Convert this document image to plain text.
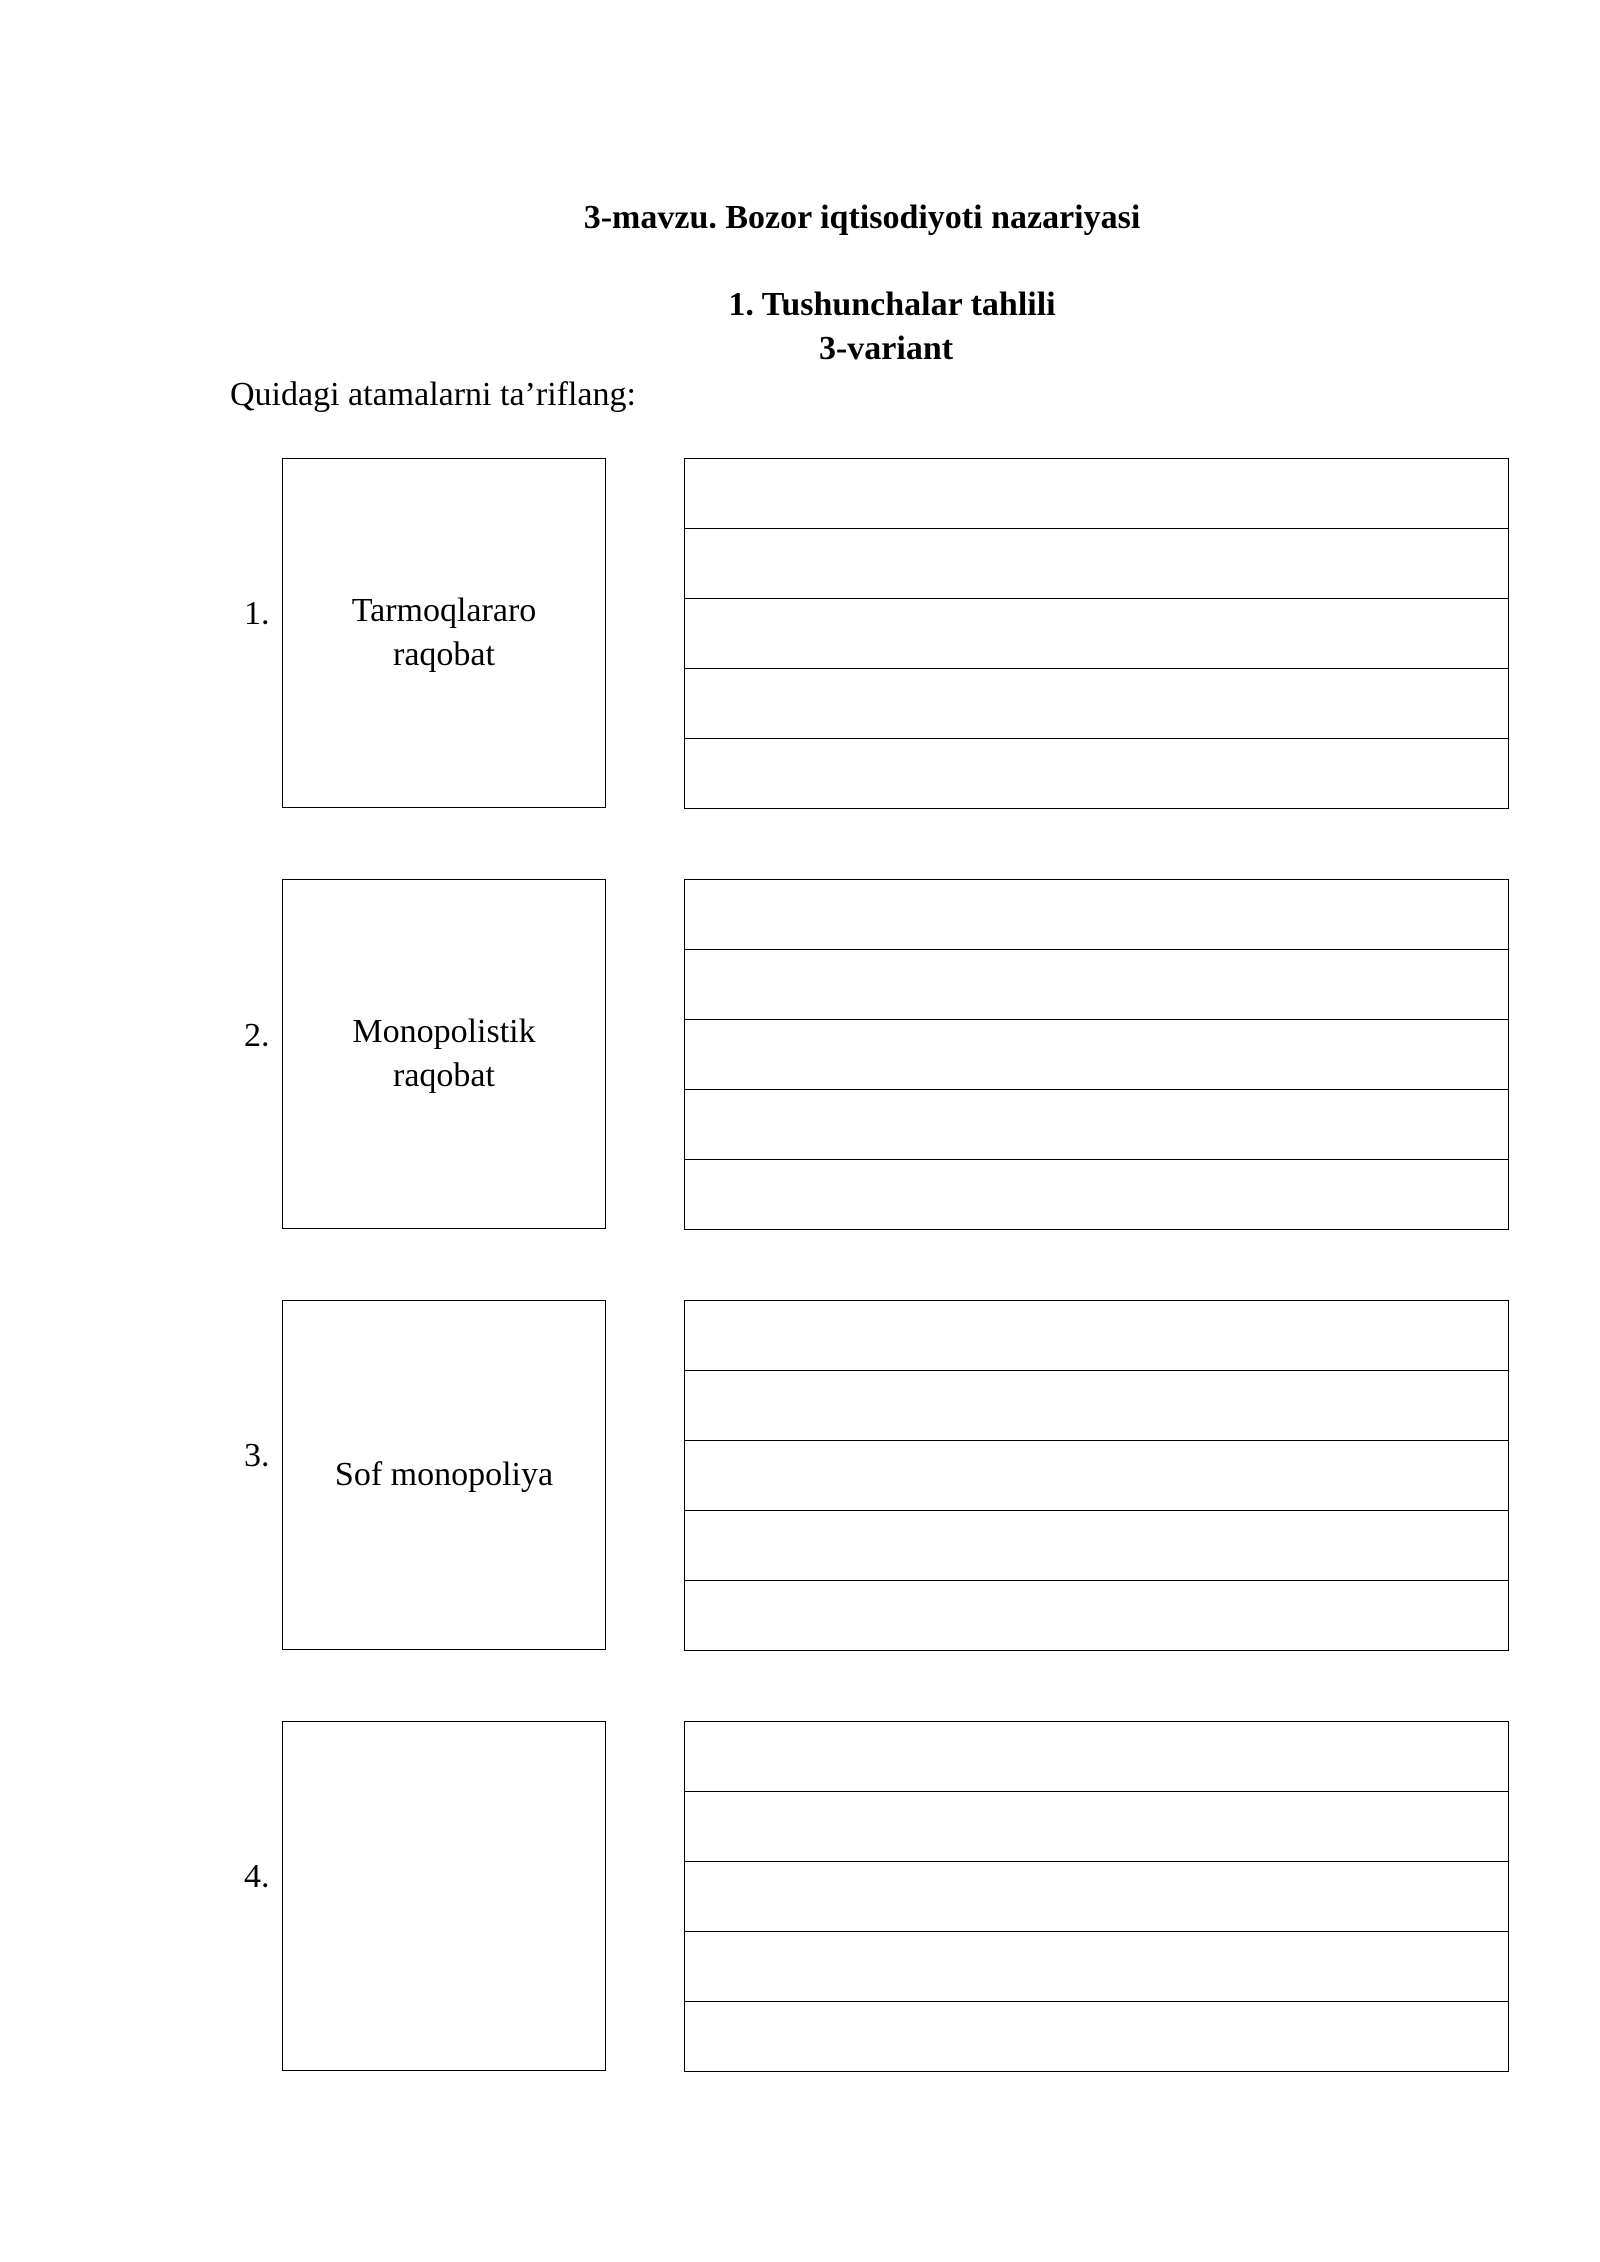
3-mavzu. Bozor iqtisodiyoti nazariyasi
1. Tushunchalar tahlili
3-variant
Quidagi atamalarni ta’riflang:
1.	Tarmoqlararo raqobat
2.	Monopolistik raqobat
3.
Sof monopoliya
4.
